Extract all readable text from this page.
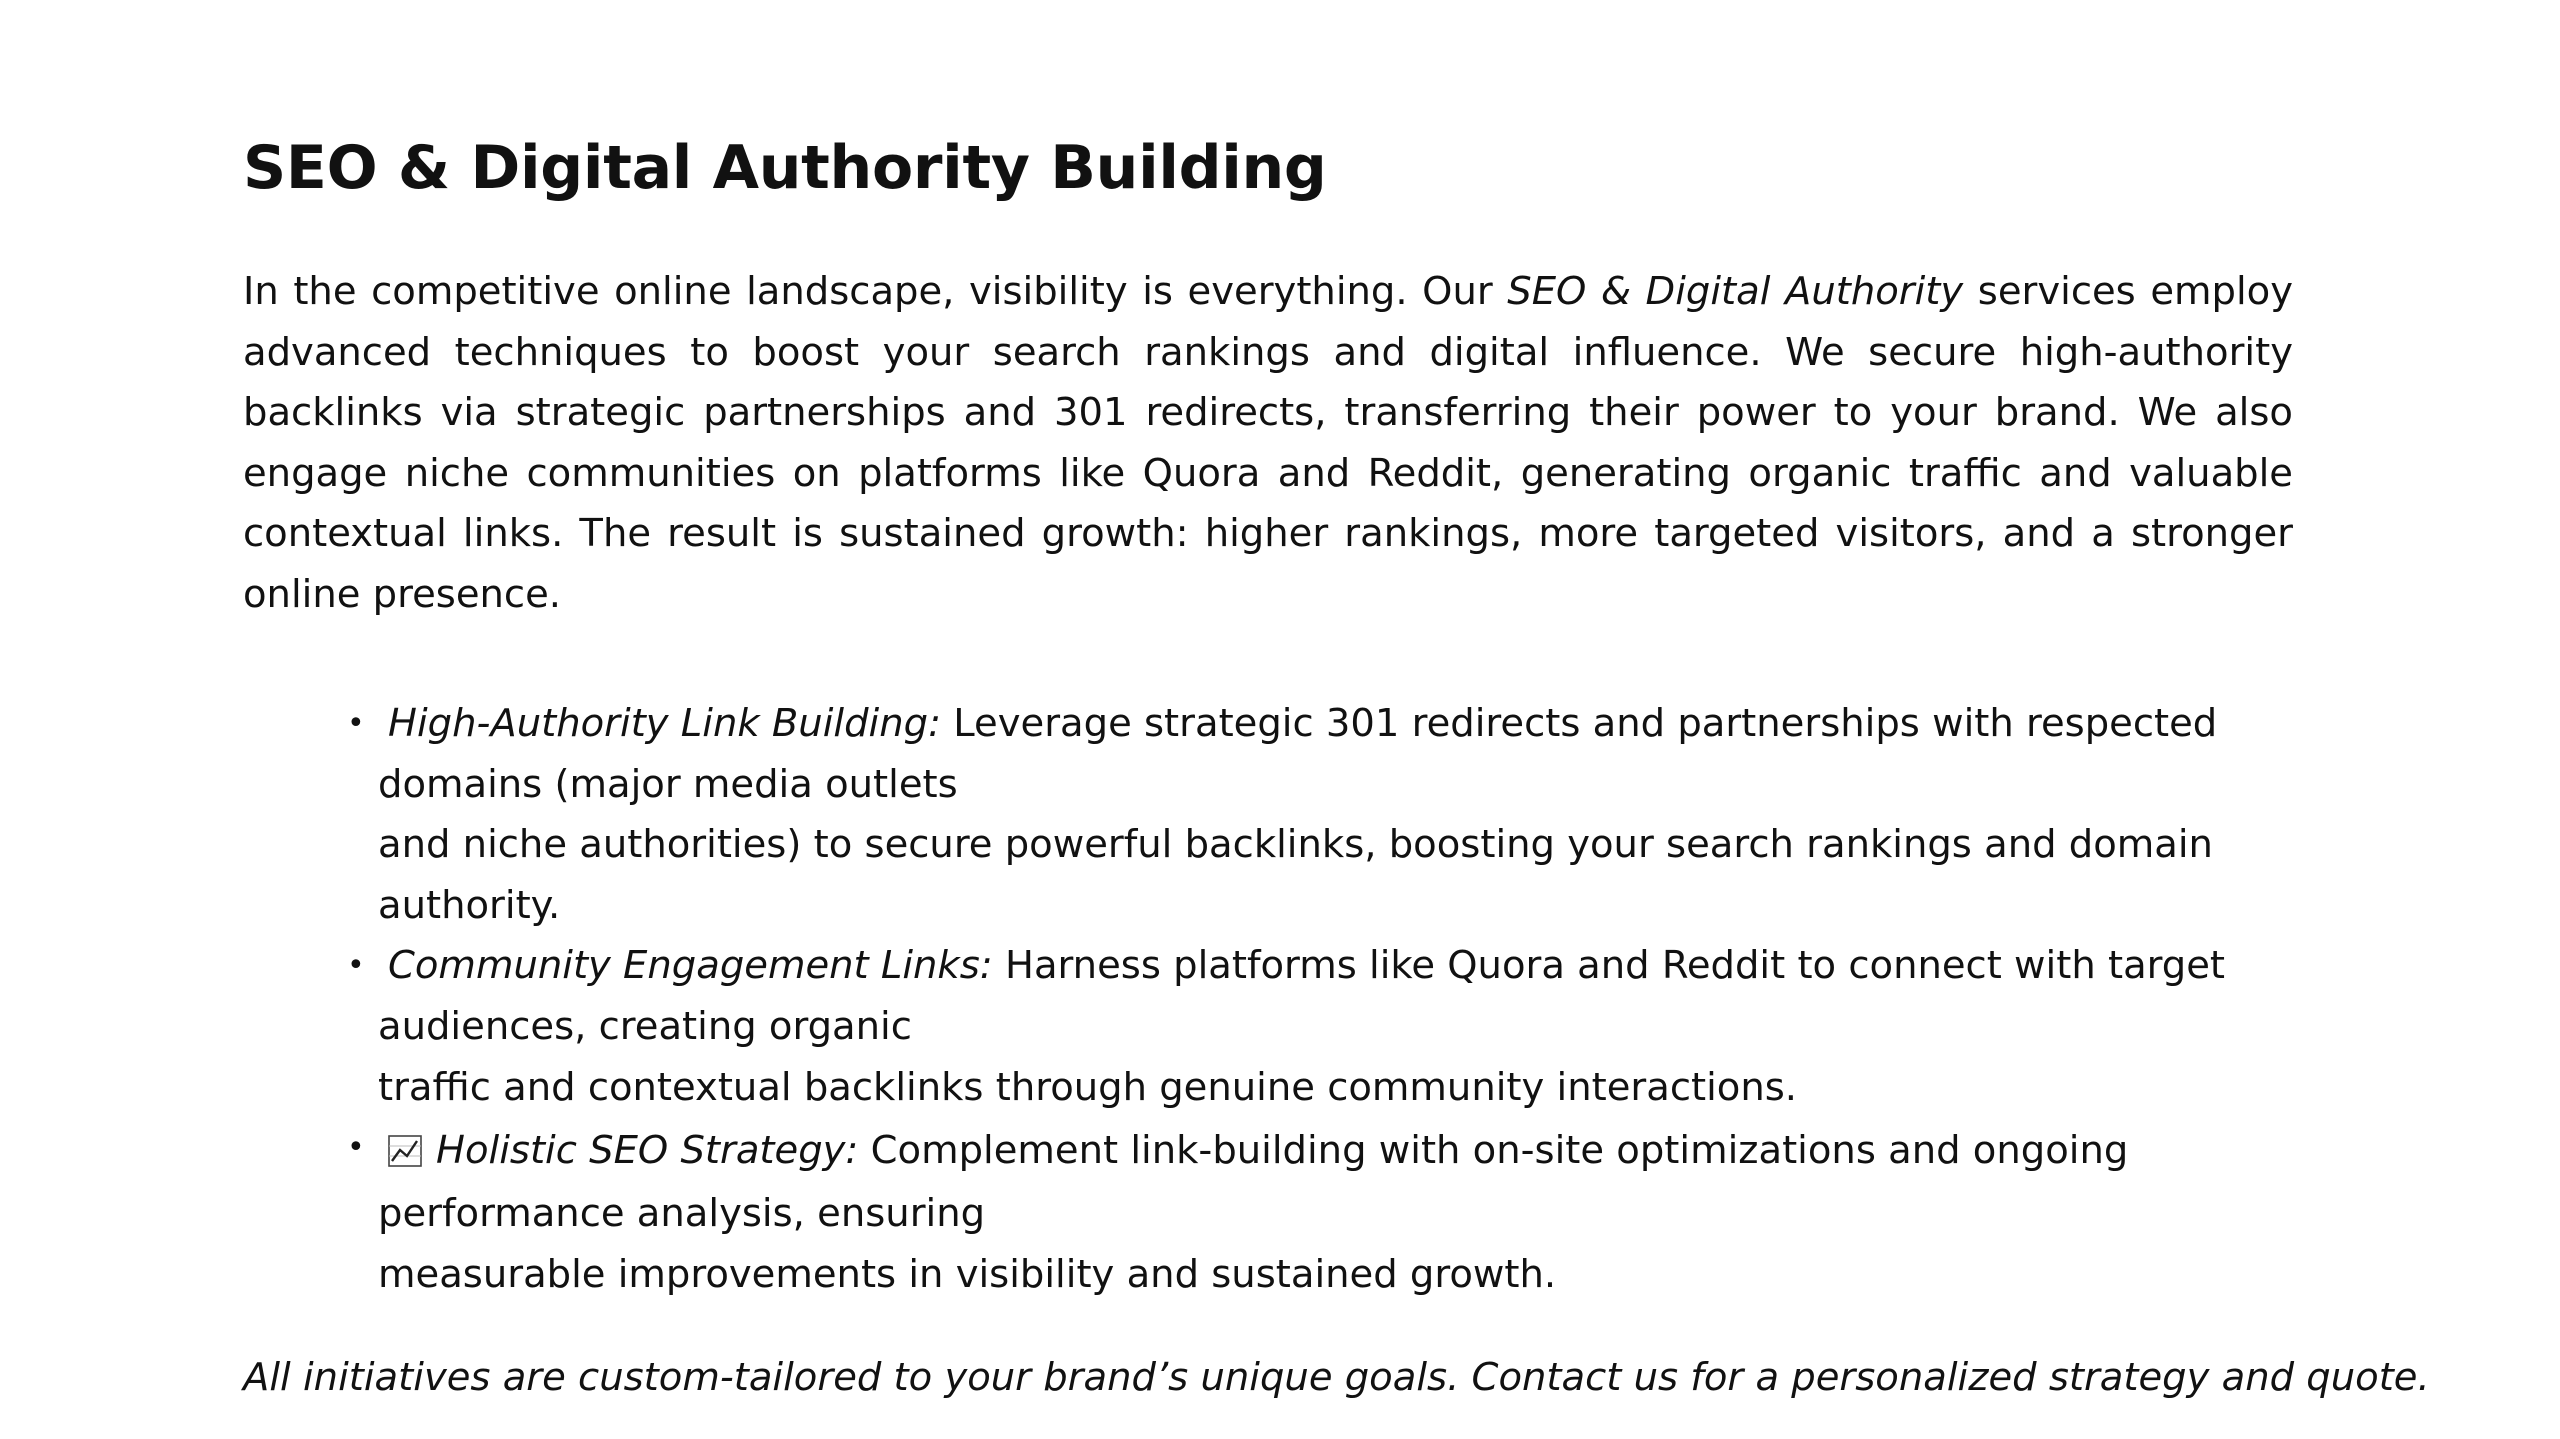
SEO & Digital Authority Building

In the competitive online landscape, visibility is everything. Our SEO & Digital Authority services employ advanced techniques to boost your search rankings and digital influence. We secure high-authority backlinks via strategic partnerships and 301 redirects, transferring their power to your brand. We also engage niche communities on platforms like Quora and Reddit, generating organic traffic and valuable contextual links. The result is sustained growth: higher rankings, more targeted visitors, and a stronger online presence.

• High-Authority Link Building: Leverage strategic 301 redirects and partnerships with respected
domains (major media outlets
and niche authorities) to secure powerful backlinks, boosting your search rankings and domain
authority.
• Community Engagement Links: Harness platforms like Quora and Reddit to connect with target
audiences, creating organic
traffic and contextual backlinks through genuine community interactions.
•	Holistic SEO Strategy: Complement link-building with on-site optimizations and ongoing
performance analysis, ensuring
measurable improvements in visibility and sustained growth.

All initiatives are custom-tailored to your brand’s unique goals. Contact us for a personalized strategy and quote.
